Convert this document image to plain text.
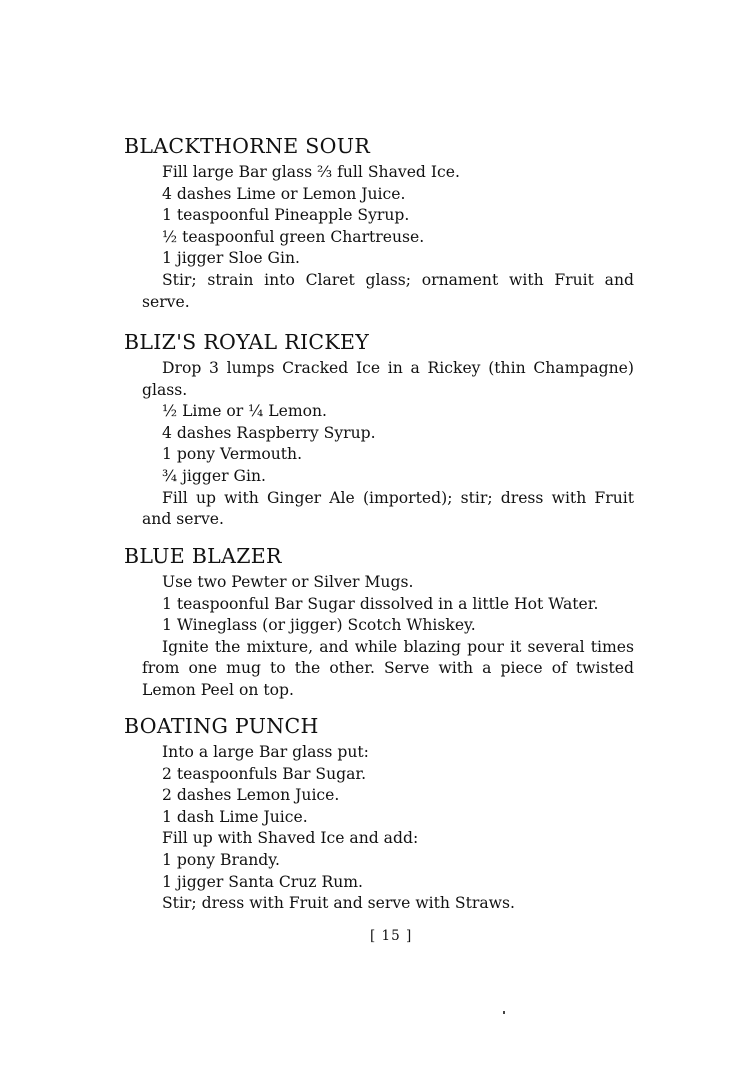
BLACKTHORNE SOUR
Fill large Bar glass ⅔ full Shaved Ice.
4 dashes Lime or Lemon Juice.
1 teaspoonful Pineapple Syrup.
½ teaspoonful green Chartreuse.
1 jigger Sloe Gin.
Stir; strain into Claret glass; ornament with Fruit and serve.
BLIZ'S ROYAL RICKEY
Drop 3 lumps Cracked Ice in a Rickey (thin Champagne) glass.
½ Lime or ¼ Lemon.
4 dashes Raspberry Syrup.
1 pony Vermouth.
¾ jigger Gin.
Fill up with Ginger Ale (imported); stir; dress with Fruit and serve.
BLUE BLAZER
Use two Pewter or Silver Mugs.
1 teaspoonful Bar Sugar dissolved in a little Hot Water.
1 Wineglass (or jigger) Scotch Whiskey.
Ignite the mixture, and while blazing pour it several times from one mug to the other. Serve with a piece of twisted Lemon Peel on top.
BOATING PUNCH
Into a large Bar glass put:
2 teaspoonfuls Bar Sugar.
2 dashes Lemon Juice.
1 dash Lime Juice.
Fill up with Shaved Ice and add:
1 pony Brandy.
1 jigger Santa Cruz Rum.
Stir; dress with Fruit and serve with Straws.
[ 15 ]
